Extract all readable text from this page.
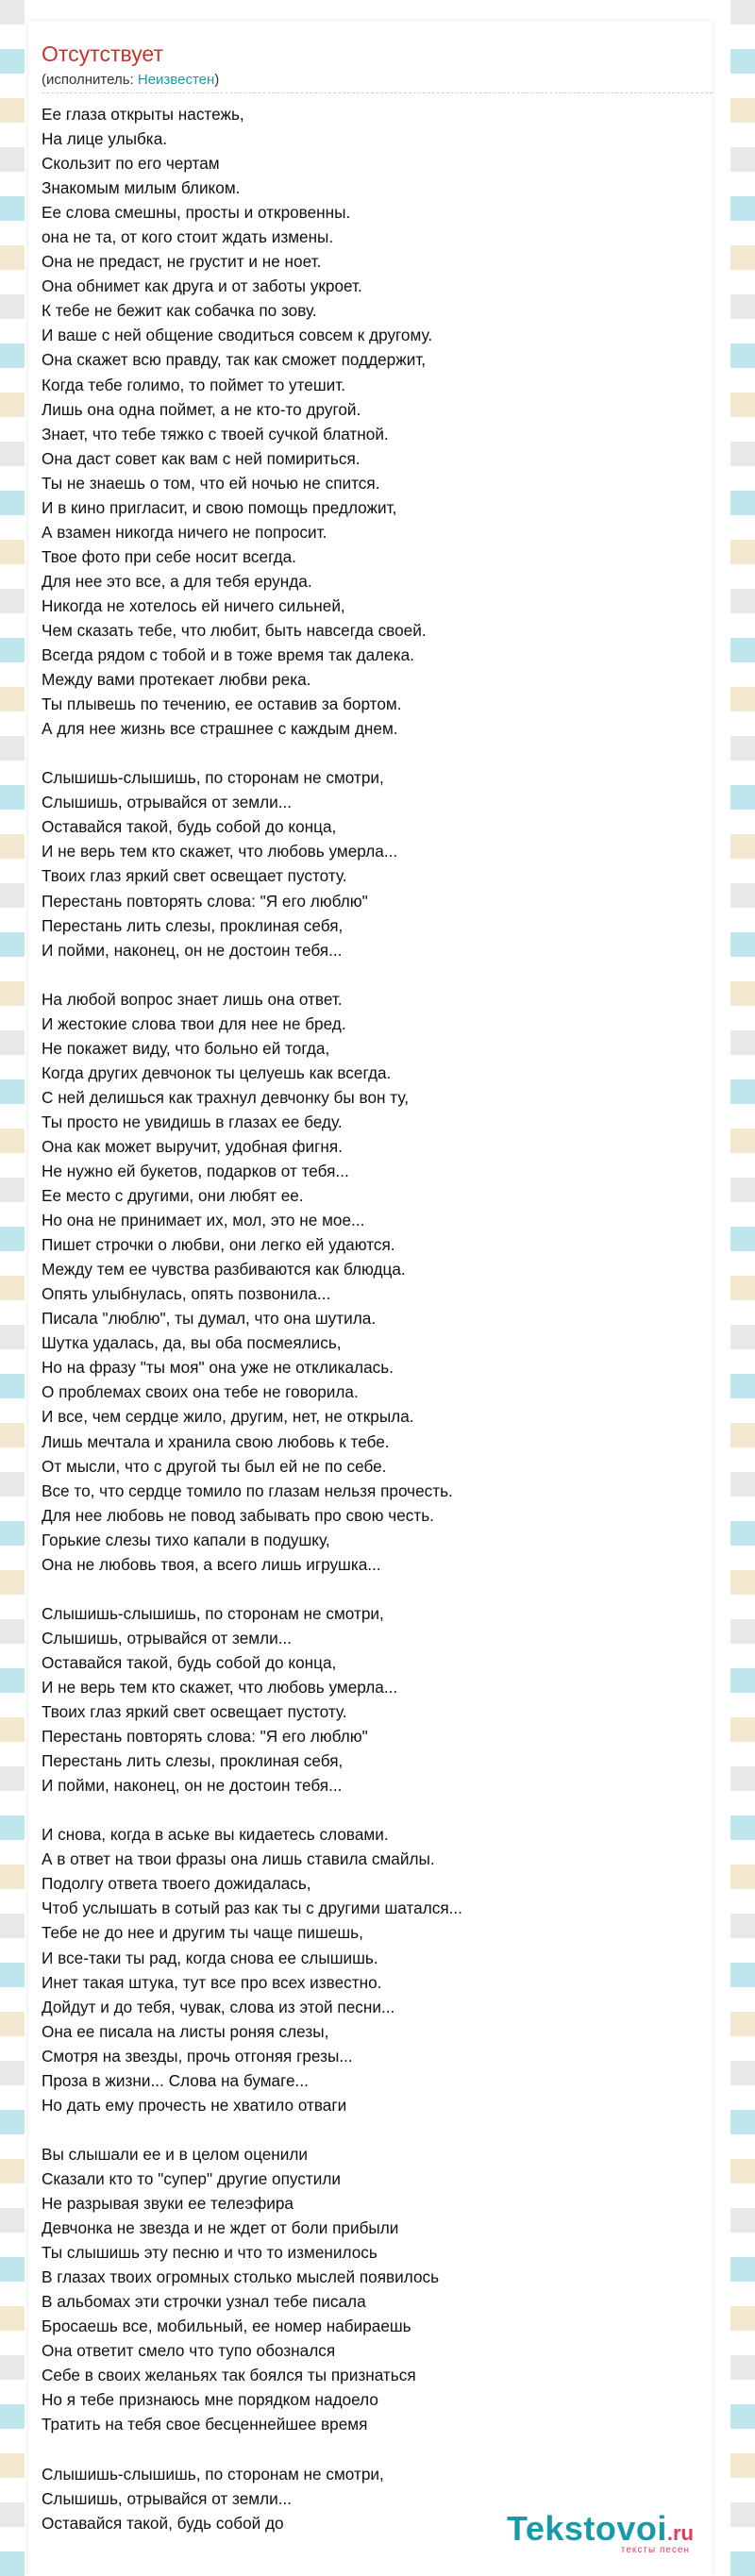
Отсутствует
(исполнитель: Неизвестен)
Ее глаза открыты настежь,
На лице улыбка.
Скользит по его чертам
Знакомым милым бликом.
Ее слова смешны, просты и откровенны.
она не та, от кого стоит ждать измены.
Она не предаст, не грустит и не ноет.
Она обнимет как друга и от заботы укроет.
К тебе не бежит как собачка по зову.
И ваше с ней общение сводиться совсем к другому.
Она скажет всю правду, так как сможет поддержит,
Когда тебе голимо, то поймет то утешит.
Лишь она одна поймет, а не кто-то другой.
Знает, что тебе тяжко с твоей сучкой блатной.
Она даст совет как вам с ней помириться.
Ты не знаешь о том, что ей ночью не спится.
И в кино пригласит, и свою помощь предложит,
А взамен никогда ничего не попросит.
Твое фото при себе носит всегда.
Для нее это все, а для тебя ерунда.
Никогда не хотелось ей ничего сильней,
Чем сказать тебе, что любит, быть навсегда своей.
Всегда рядом с тобой и в тоже время так далека.
Между вами протекает любви река.
Ты плывешь по течению, ее оставив за бортом.
А для нее жизнь все страшнее с каждым днем.
Слышишь-слышишь, по сторонам не смотри,
Слышишь, отрывайся от земли...
Оставайся такой, будь собой до конца,
И не верь тем кто скажет, что любовь умерла...
Твоих глаз яркий свет освещает пустоту.
Перестань повторять слова: "Я его люблю"
Перестань лить слезы, проклиная себя,
И пойми, наконец, он не достоин тебя...
На любой вопрос знает лишь она ответ.
И жестокие слова твои для нее не бред.
Не покажет виду, что больно ей тогда,
Когда других девчонок ты целуешь как всегда.
С ней делишься как трахнул девчонку бы вон ту,
Ты просто не увидишь в глазах ее беду.
Она как может выручит, удобная фигня.
Не нужно ей букетов, подарков от тебя...
Ее место с другими, они любят ее.
Но она не принимает их, мол, это не мое...
Пишет строчки о любви, они легко ей удаются.
Между тем ее чувства разбиваются как блюдца.
Опять улыбнулась, опять позвонила...
Писала "люблю", ты думал, что она шутила.
Шутка удалась, да, вы оба посмеялись,
Но на фразу "ты моя" она уже не откликалась.
О проблемах своих она тебе не говорила.
И все, чем сердце жило, другим, нет, не открыла.
Лишь мечтала и хранила свою любовь к тебе.
От мысли, что с другой ты был ей не по себе.
Все то, что сердце томило по глазам нельзя прочесть.
Для нее любовь не повод забывать про свою честь.
Горькие слезы тихо капали в подушку,
Она не любовь твоя, а всего лишь игрушка...
Слышишь-слышишь, по сторонам не смотри,
Слышишь, отрывайся от земли...
Оставайся такой, будь собой до конца,
И не верь тем кто скажет, что любовь умерла...
Твоих глаз яркий свет освещает пустоту.
Перестань повторять слова: "Я его люблю"
Перестань лить слезы, проклиная себя,
И пойми, наконец, он не достоин тебя...
И снова, когда в аське вы кидаетесь словами.
А в ответ на твои фразы она лишь ставила смайлы.
Подолгу ответа твоего дожидалась,
Чтоб услышать в сотый раз как ты с другими шатался...
Тебе не до нее и другим ты чаще пишешь,
И все-таки ты рад, когда снова ее слышишь.
Инет такая штука, тут все про всех известно.
Дойдут и до тебя, чувак, слова из этой песни...
Она ее писала на листы роняя слезы,
Смотря на звезды, прочь отгоняя грезы...
Проза в жизни... Слова на бумаге...
Но дать ему прочесть не хватило отваги
Вы слышали ее и в целом оценили
Сказали кто то "супер" другие опустили
Не разрывая звуки ее телеэфира
Девчонка не звезда и не ждет от боли прибыли
Ты слышишь эту песню и что то изменилось
В глазах твоих огромных столько мыслей появилось
В альбомах эти строчки узнал тебе писала
Бросаешь все, мобильный, ее номер набираешь
Она ответит смело что тупо обознался
Себе в своих желаньях так боялся ты признаться
Но я тебе признаюсь мне порядком надоело
Тратить на тебя свое бесценнейшее время
Слышишь-слышишь, по сторонам не смотри,
Слышишь, отрывайся от земли...
Оставайся такой, будь собой до	Tekstovoi.ru
тексты песен
